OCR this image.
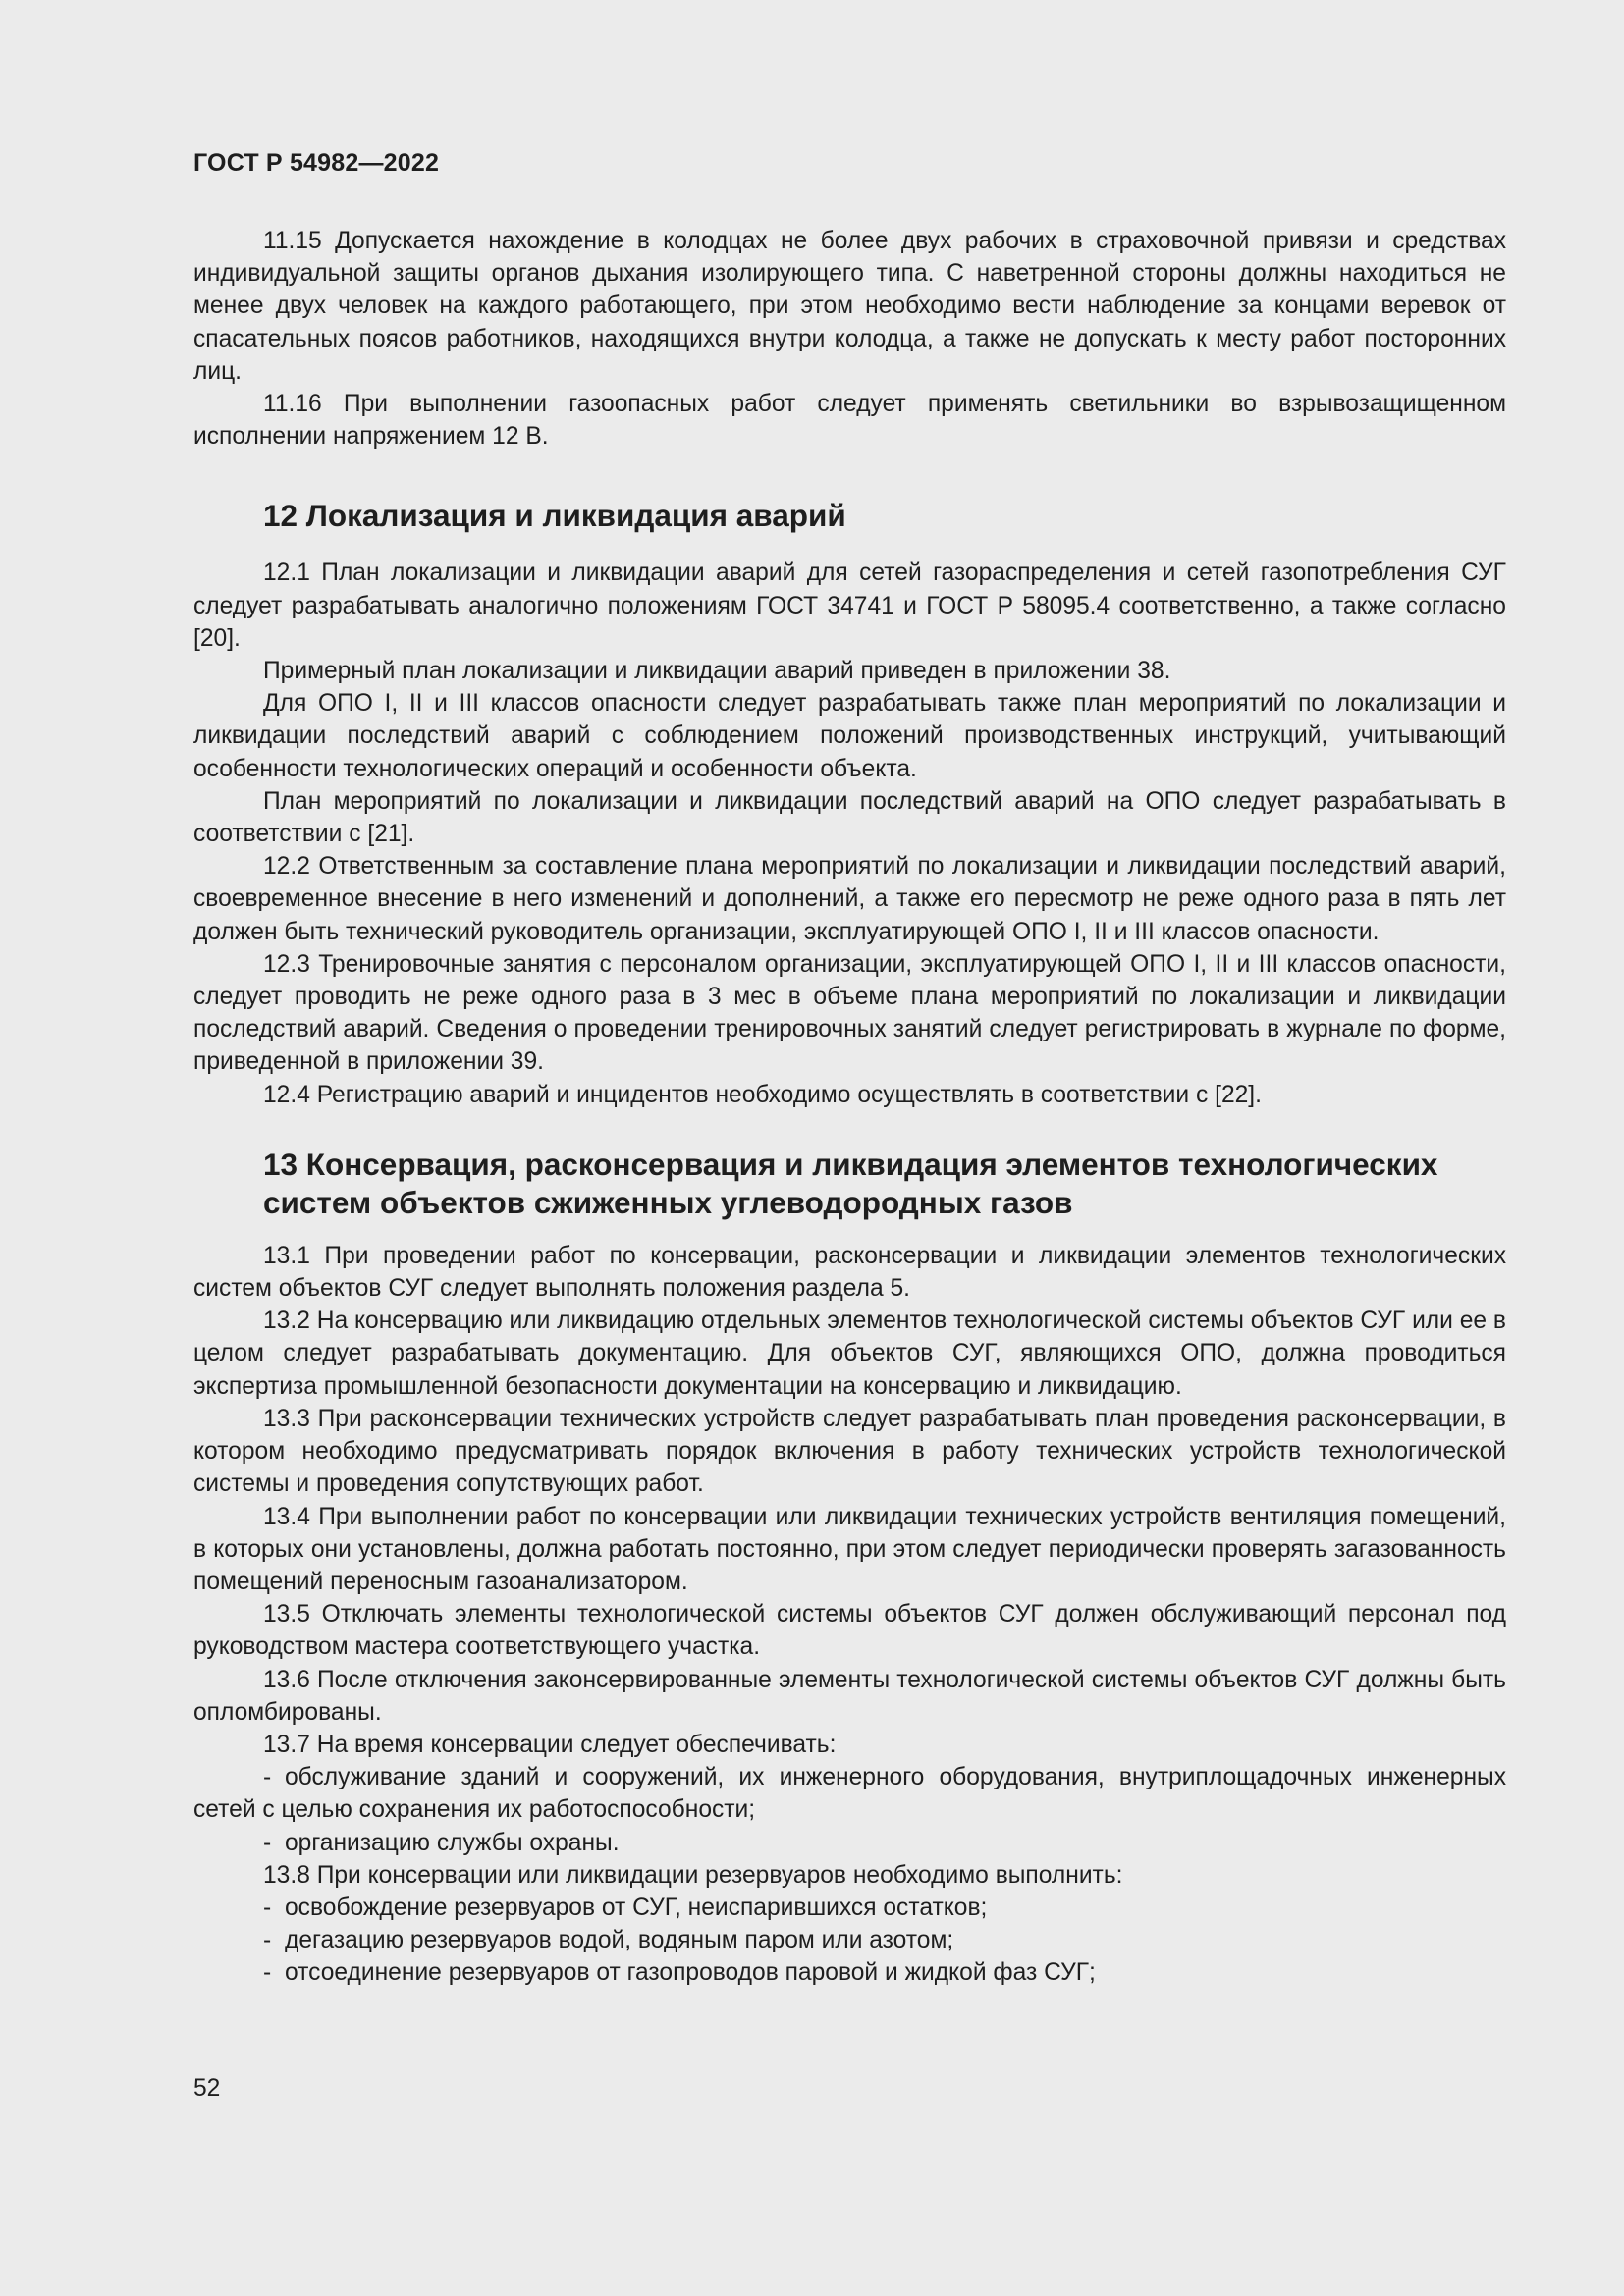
ГОСТ Р 54982—2022

11.15 Допускается нахождение в колодцах не более двух рабочих в страховочной привязи и средствах индивидуальной защиты органов дыхания изолирующего типа. С наветренной стороны должны находиться не менее двух человек на каждого работающего, при этом необходимо вести наблюдение за концами веревок от спасательных поясов работников, находящихся внутри колодца, а также не допускать к месту работ посторонних лиц.

11.16 При выполнении газоопасных работ следует применять светильники во взрывозащищенном исполнении напряжением 12 В.

12 Локализация и ликвидация аварий

12.1 План локализации и ликвидации аварий для сетей газораспределения и сетей газопотребления СУГ следует разрабатывать аналогично положениям ГОСТ 34741 и ГОСТ Р 58095.4 соответственно, а также согласно [20].

Примерный план локализации и ликвидации аварий приведен в приложении 38.

Для ОПО I, II и III классов опасности следует разрабатывать также план мероприятий по локализации и ликвидации последствий аварий с соблюдением положений производственных инструкций, учитывающий особенности технологических операций и особенности объекта.

План мероприятий по локализации и ликвидации последствий аварий на ОПО следует разрабатывать в соответствии с [21].

12.2 Ответственным за составление плана мероприятий по локализации и ликвидации последствий аварий, своевременное внесение в него изменений и дополнений, а также его пересмотр не реже одного раза в пять лет должен быть технический руководитель организации, эксплуатирующей ОПО I, II и III классов опасности.

12.3 Тренировочные занятия с персоналом организации, эксплуатирующей ОПО I, II и III классов опасности, следует проводить не реже одного раза в 3 мес в объеме плана мероприятий по локализации и ликвидации последствий аварий. Сведения о проведении тренировочных занятий следует регистрировать в журнале по форме, приведенной в приложении 39.

12.4 Регистрацию аварий и инцидентов необходимо осуществлять в соответствии с [22].

13 Консервация, расконсервация и ликвидация элементов технологических систем объектов сжиженных углеводородных газов

13.1 При проведении работ по консервации, расконсервации и ликвидации элементов технологических систем объектов СУГ следует выполнять положения раздела 5.

13.2 На консервацию или ликвидацию отдельных элементов технологической системы объектов СУГ или ее в целом следует разрабатывать документацию. Для объектов СУГ, являющихся ОПО, должна проводиться экспертиза промышленной безопасности документации на консервацию и ликвидацию.

13.3 При расконсервации технических устройств следует разрабатывать план проведения расконсервации, в котором необходимо предусматривать порядок включения в работу технических устройств технологической системы и проведения сопутствующих работ.

13.4 При выполнении работ по консервации или ликвидации технических устройств вентиляция помещений, в которых они установлены, должна работать постоянно, при этом следует периодически проверять загазованность помещений переносным газоанализатором.

13.5 Отключать элементы технологической системы объектов СУГ должен обслуживающий персонал под руководством мастера соответствующего участка.

13.6 После отключения законсервированные элементы технологической системы объектов СУГ должны быть опломбированы.

13.7 На время консервации следует обеспечивать:

- обслуживание зданий и сооружений, их инженерного оборудования, внутриплощадочных инженерных сетей с целью сохранения их работоспособности;

- организацию службы охраны.

13.8 При консервации или ликвидации резервуаров необходимо выполнить:

- освобождение резервуаров от СУГ, неиспарившихся остатков;

- дегазацию резервуаров водой, водяным паром или азотом;

- отсоединение резервуаров от газопроводов паровой и жидкой фаз СУГ;

52
